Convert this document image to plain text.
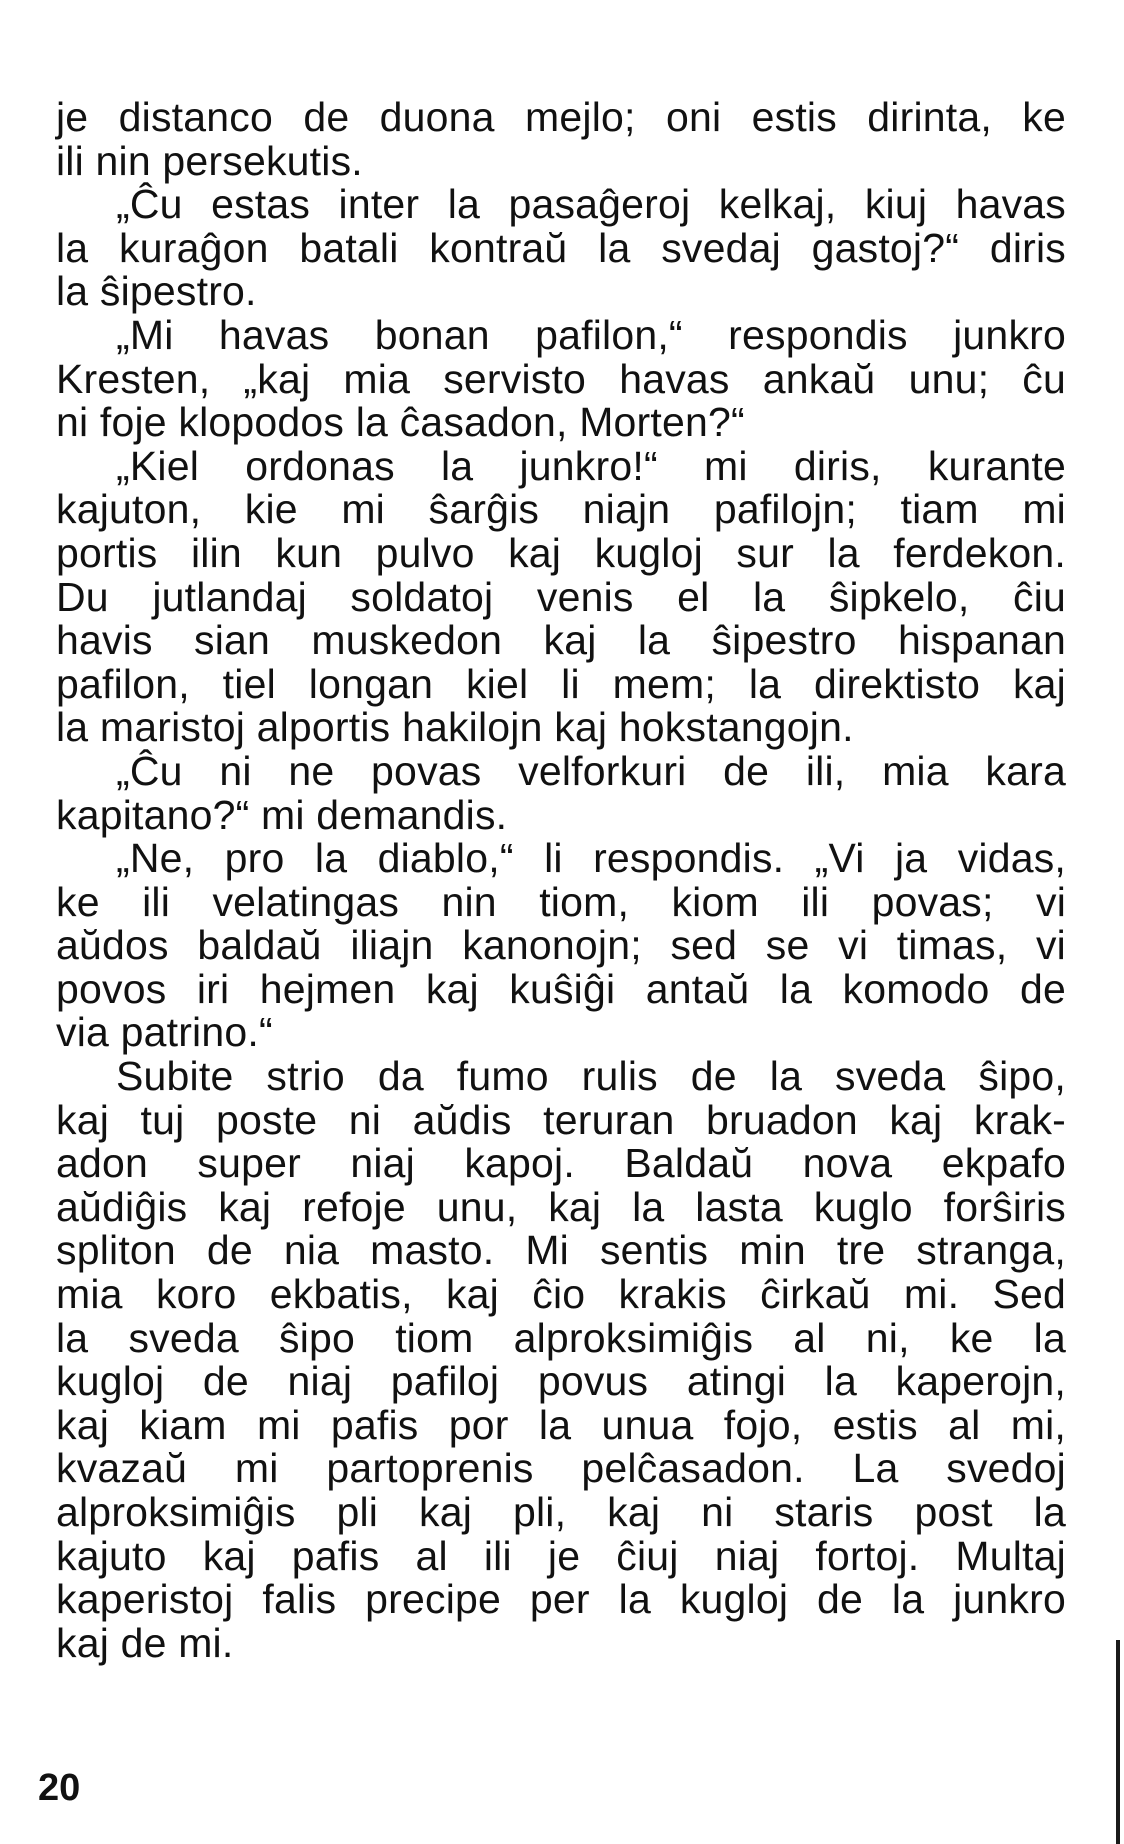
je distanco de duona mejlo; oni estis dirinta, ke
ili nin persekutis.
„Ĉu estas inter la pasaĝeroj kelkaj, kiuj havas
la kuraĝon batali kontraŭ la svedaj gastoj?“ diris
la ŝipestro.
„Mi havas bonan pafilon,“ respondis junkro
Kresten, „kaj mia servisto havas ankaŭ unu; ĉu
ni foje klopodos la ĉasadon, Morten?“
„Kiel ordonas la junkro!“ mi diris, kurante
kajuton, kie mi ŝarĝis niajn pafilojn; tiam mi
portis ilin kun pulvo kaj kugloj sur la ferdekon.
Du jutlandaj soldatoj venis el la ŝipkelo, ĉiu
havis sian muskedon kaj la ŝipestro hispanan
pafilon, tiel longan kiel li mem; la direktisto kaj
la maristoj alportis hakilojn kaj hokstangojn.
„Ĉu ni ne povas velforkuri de ili, mia kara
kapitano?“ mi demandis.
„Ne, pro la diablo,“ li respondis. „Vi ja vidas,
ke ili velatingas nin tiom, kiom ili povas; vi
aŭdos baldaŭ iliajn kanonojn; sed se vi timas, vi
povos iri hejmen kaj kuŝiĝi antaŭ la komodo de
via patrino.“
Subite strio da fumo rulis de la sveda ŝipo,
kaj tuj poste ni aŭdis teruran bruadon kaj krak-
adon super niaj kapoj. Baldaŭ nova ekpafo
aŭdiĝis kaj refoje unu, kaj la lasta kuglo forŝiris
spliton de nia masto. Mi sentis min tre stranga,
mia koro ekbatis, kaj ĉio krakis ĉirkaŭ mi. Sed
la sveda ŝipo tiom alproksimiĝis al ni, ke la
kugloj de niaj pafiloj povus atingi la kaperojn,
kaj kiam mi pafis por la unua fojo, estis al mi,
kvazaŭ mi partoprenis pelĉasadon. La svedoj
alproksimiĝis pli kaj pli, kaj ni staris post la
kajuto kaj pafis al ili je ĉiuj niaj fortoj. Multaj
kaperistoj falis precipe per la kugloj de la junkro
kaj de mi.
20
